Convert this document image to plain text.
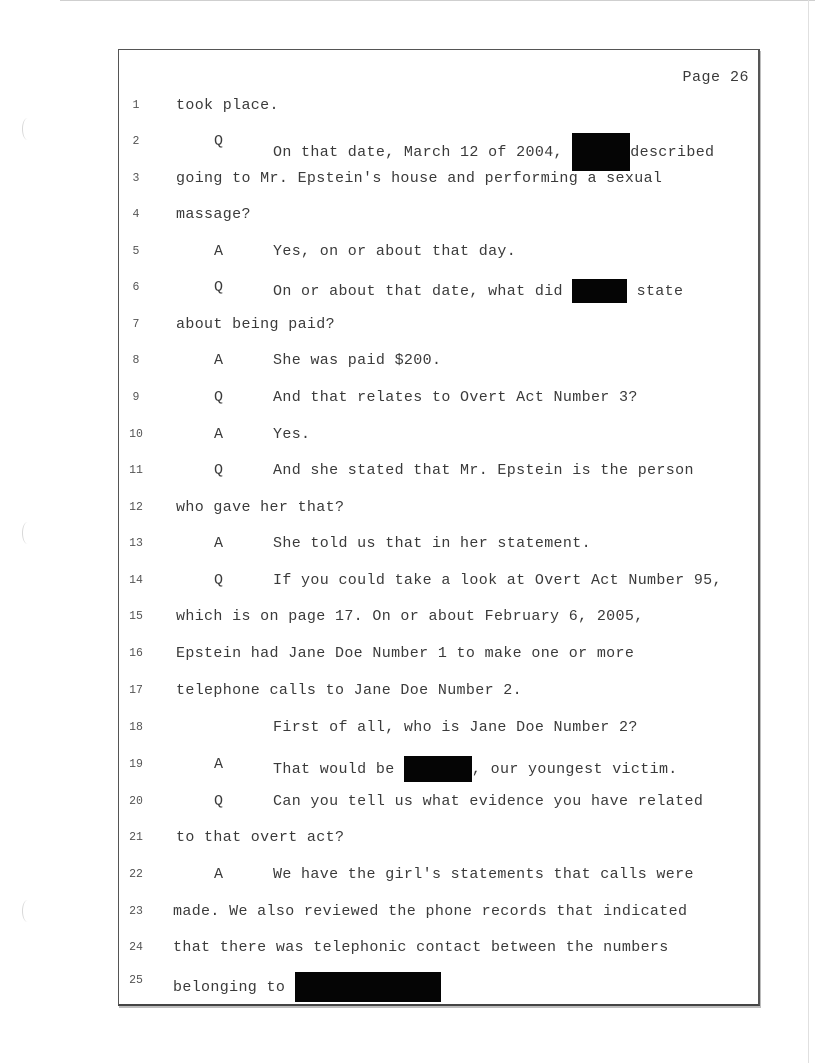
Page 26
1	took place.
2	Q
On that date, March 12 of 2004,	described
3	going to Mr. Epstein's house and performing a sexual
4	massage?
5	A	Yes, on or about that day.
6	Q	On or about that date, what did	state
7	about being paid?
8	A	She was paid $200.
9	Q	And that relates to Overt Act Number 3?
10	A	Yes.
11	Q	And she stated that Mr. Epstein is the person
12	who gave her that?
13	A	She told us that in her statement.
14	Q	If you could take a look at Overt Act Number 95,
15	which is on page 17. On or about February 6, 2005,
16	Epstein had Jane Doe Number 1 to make one or more
17	telephone calls to Jane Doe Number 2.
18	First of all, who is Jane Doe Number 2?
19	A	That would be	, our youngest victim.
20	Q	Can you tell us what evidence you have related
21	to that overt act?
22	A	We have the girl's statements that calls were
23	made. We also reviewed the phone records that indicated
24	that there was telephonic contact between the numbers
25	belonging to
